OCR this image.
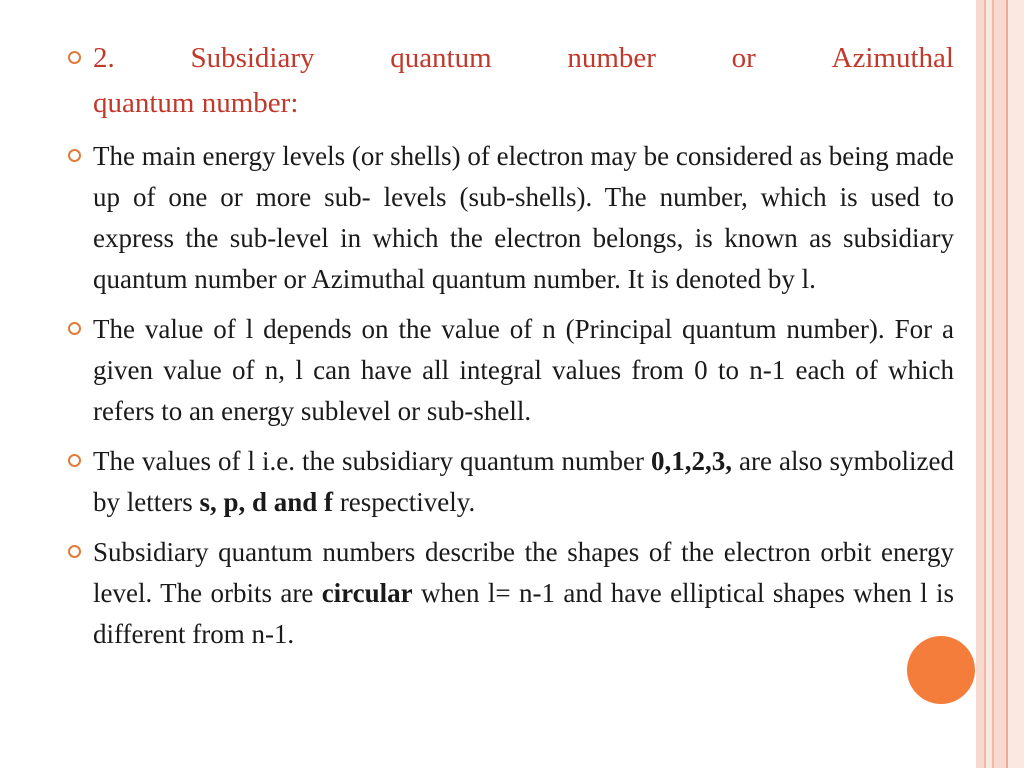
2.	Subsidiary	quantum	number	or	Azimuthal
quantum number:
The main energy levels (or shells) of electron may be considered as being made up of one or more sub- levels (sub-shells). The number, which is used to express the sub-level in which the electron belongs, is known as subsidiary quantum number or Azimuthal quantum number. It is denoted by l.
The value of l depends on the value of n (Principal quantum number). For a given value of n, l can have all integral values from 0 to n-1 each of which refers to an energy sublevel or sub-shell.
The values of l i.e. the subsidiary quantum number 0,1,2,3, are also symbolized by letters s, p, d and f respectively.
Subsidiary quantum numbers describe the shapes of the electron orbit energy level. The orbits are circular when l= n-1 and have elliptical shapes when l is different from n-1.
